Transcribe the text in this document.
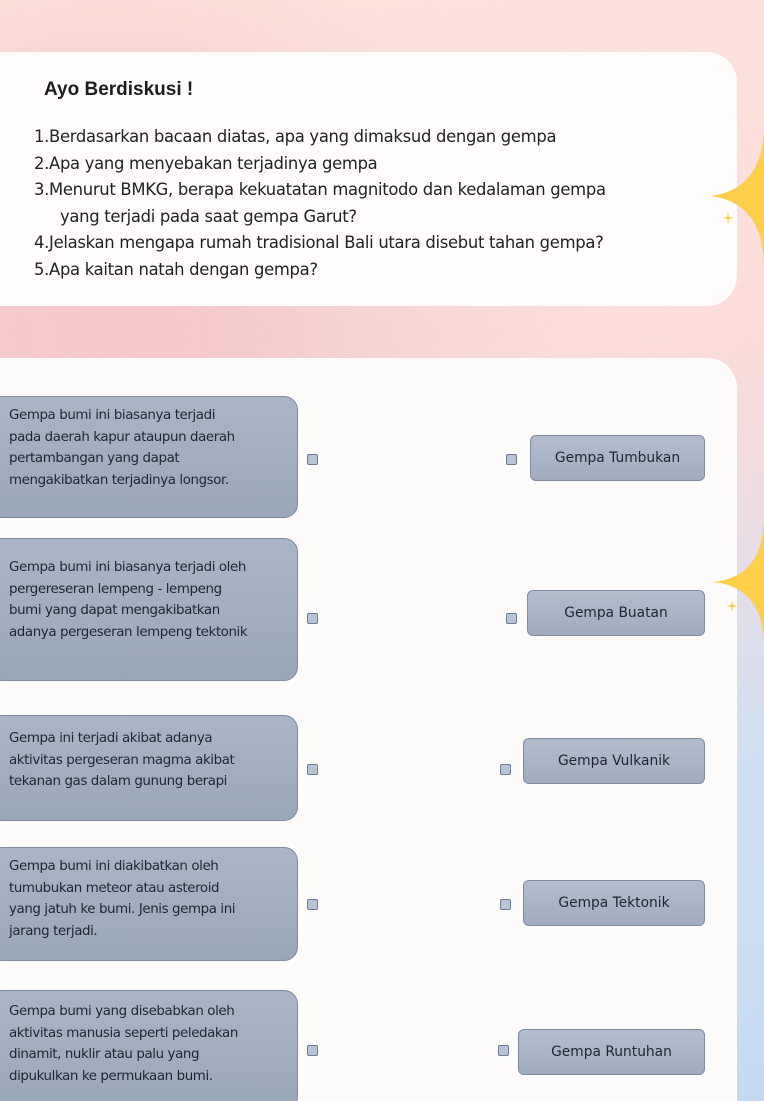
Ayo Berdiskusi !
1.Berdasarkan bacaan diatas, apa yang dimaksud dengan gempa
2.Apa yang menyebakan terjadinya gempa
3.Menurut BMKG, berapa kekuatatan magnitodo dan kedalaman gempa
yang terjadi pada saat gempa Garut?
4.Jelaskan mengapa rumah tradisional Bali utara disebut tahan gempa?
5.Apa kaitan natah dengan gempa?
Gempa bumi ini biasanya terjadi
pada daerah kapur ataupun daerah
pertambangan yang dapat
mengakibatkan terjadinya longsor.
Gempa Tumbukan
Gempa bumi ini biasanya terjadi oleh
pergereseran lempeng - lempeng
bumi yang dapat mengakibatkan
adanya pergeseran lempeng tektonik
Gempa Buatan
Gempa ini terjadi akibat adanya
aktivitas pergeseran magma akibat
tekanan gas dalam gunung berapi
Gempa Vulkanik
Gempa bumi ini diakibatkan oleh
tumubukan meteor atau asteroid
yang jatuh ke bumi. Jenis gempa ini
jarang terjadi.
Gempa Tektonik
Gempa bumi yang disebabkan oleh
aktivitas manusia seperti peledakan
dinamit, nuklir atau palu yang
dipukulkan ke permukaan bumi.
Gempa Runtuhan
